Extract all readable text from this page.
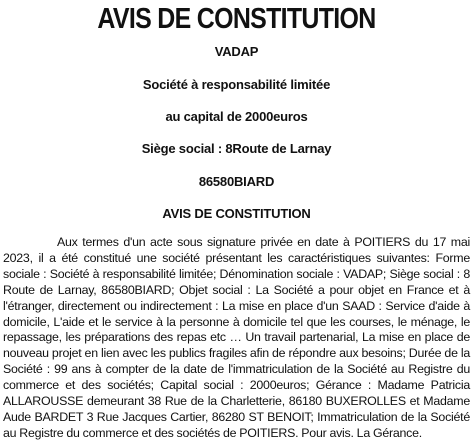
AVIS DE CONSTITUTION

VADAP

Société à responsabilité limitée

au capital de 2000euros

Siège social : 8Route de Larnay

86580BIARD

AVIS DE CONSTITUTION

Aux termes d'un acte sous signature privée en date à POITIERS du 17 mai 2023, il a été constitué une société présentant les caractéristiques suivantes: Forme sociale : Société à responsabilité limitée; Dénomination sociale : VADAP; Siège social : 8 Route de Larnay, 86580BIARD; Objet social : La Société a pour objet en France et à l'étranger, directement ou indirectement : La mise en place d'un SAAD : Service d'aide à domicile, L'aide et le service à la personne à domicile tel que les courses, le ménage, le repassage, les préparations des repas etc … Un travail partenarial, La mise en place de nouveau projet en lien avec les publics fragiles afin de répondre aux besoins; Durée de la Société : 99 ans à compter de la date de l'immatriculation de la Société au Registre du commerce et des sociétés; Capital social : 2000euros; Gérance : Madame Patricia ALLAROUSSE demeurant 38 Rue de la Charletterie, 86180 BUXEROLLES et Madame Aude BARDET 3 Rue Jacques Cartier, 86280 ST BENOIT; Immatriculation de la Société au Registre du commerce et des sociétés de POITIERS. Pour avis. La Gérance.
